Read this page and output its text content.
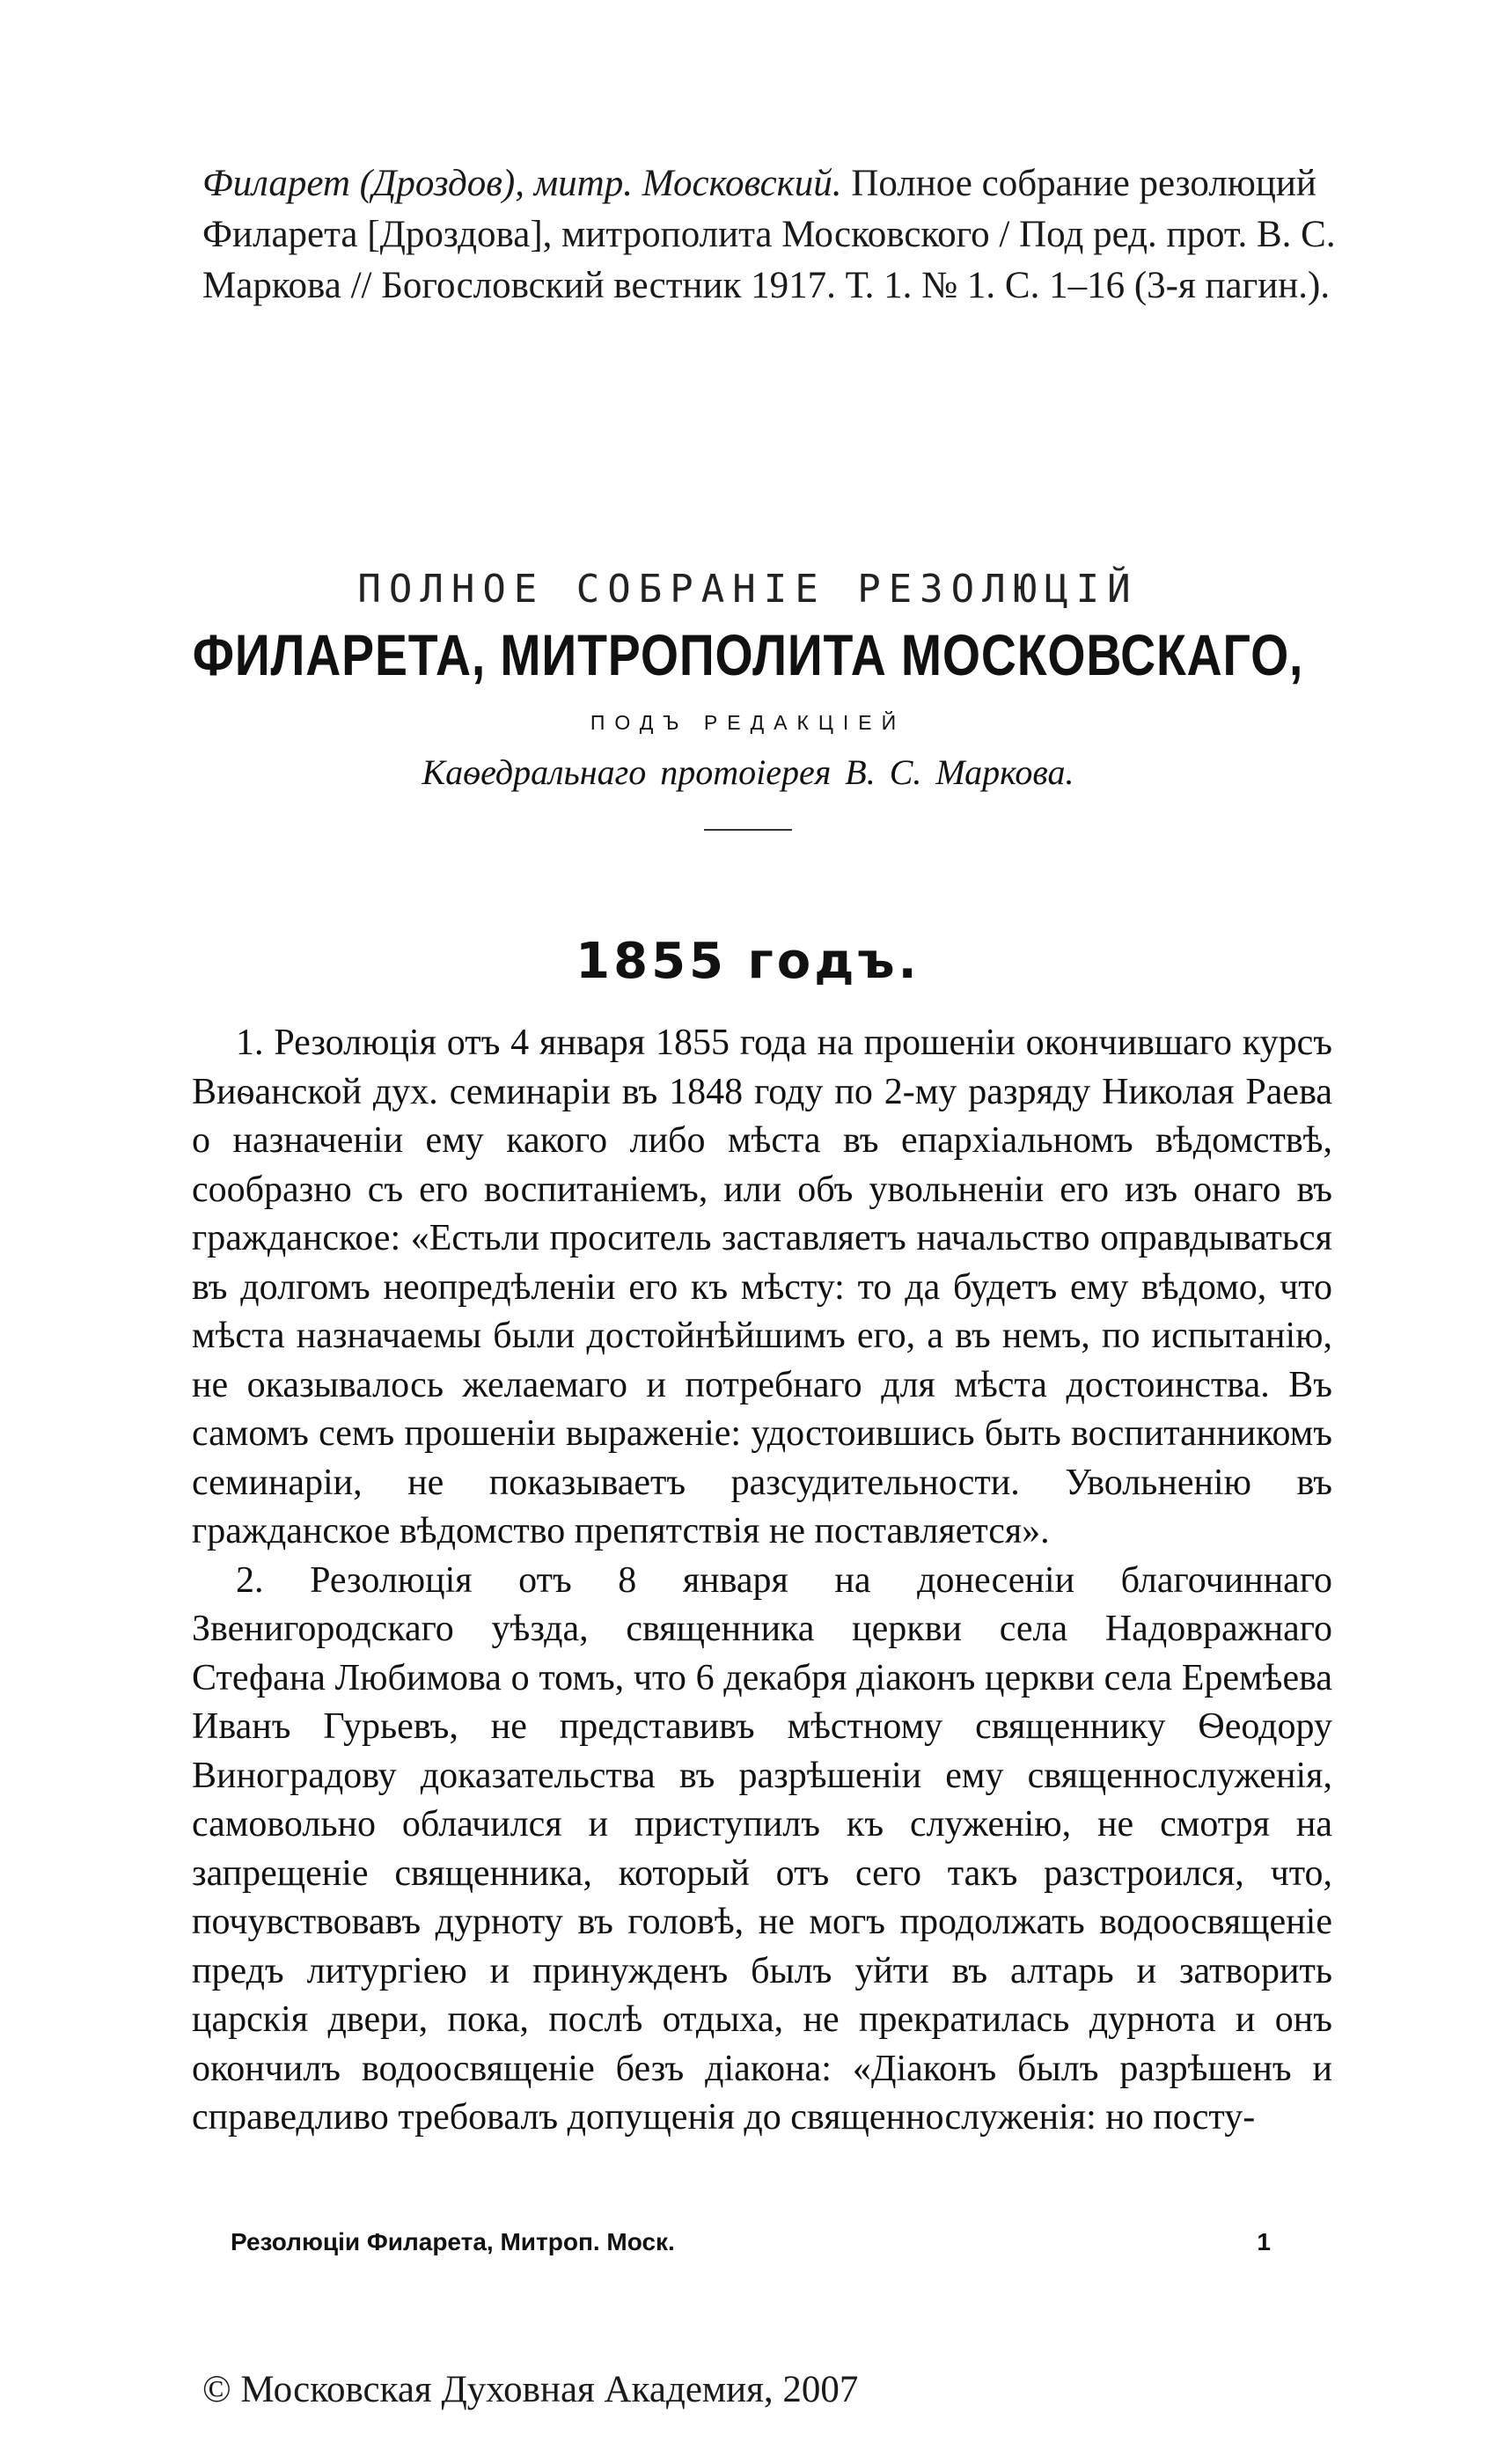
Филарет (Дроздов), митр. Московский. Полное собрание резолюций Филарета [Дроздова], митрополита Московского / Под ред. прот. В. С. Маркова // Богословский вестник 1917. Т. 1. № 1. С. 1–16 (3-я пагин.).
ПОЛНОЕ СОБРАНІЕ РЕЗОЛЮЦІЙ
ФИЛАРЕТА, МИТРОПОЛИТА МОСКОВСКАГО,
ПОДЪ РЕДАКЦІЕЙ
Каѳедральнаго протоіерея В. С. Маркова.
1855 годъ.

1. Резолюція отъ 4 января 1855 года на прошеніи окончившаго курсъ Виѳанской дух. семинаріи въ 1848 году по 2-му разряду Николая Раева о назначеніи ему какого либо мѣста въ епархіальномъ вѣдомствѣ, сообразно съ его воспитаніемъ, или объ увольненіи его изъ онаго въ гражданское: «Естьли проситель заставляетъ начальство оправдываться въ долгомъ неопредѣленіи его къ мѣсту: то да будетъ ему вѣдомо, что мѣста назначаемы были достойнѣйшимъ его, а въ немъ, по испытанію, не оказывалось желаемаго и потребнаго для мѣста достоинства. Въ самомъ семъ прошеніи выраженіе: удостоившись быть воспитанникомъ семинаріи, не показываетъ разсудительности. Увольненію въ гражданское вѣдомство препятствія не поставляется».

2. Резолюція отъ 8 января на донесеніи благочиннаго Звенигородскаго уѣзда, священника церкви села Надовражнаго Стефана Любимова о томъ, что 6 декабря діаконъ церкви села Еремѣева Иванъ Гурьевъ, не представивъ мѣстному священнику Ѳеодору Виноградову доказательства въ разрѣшеніи ему священнослуженія, самовольно облачился и приступилъ къ служенію, не смотря на запрещеніе священника, который отъ сего такъ разстроился, что, почувствовавъ дурноту въ головѣ, не могъ продолжать водоосвященіе предъ литургіею и принужденъ былъ уйти въ алтарь и затворить царскія двери, пока, послѣ отдыха, не прекратилась дурнота и онъ окончилъ водоосвященіе безъ діакона: «Діаконъ былъ разрѣшенъ и справедливо требовалъ допущенія до священнослуженія: но посту-

Резолюціи Филарета, Митроп. Моск.	1
© Московская Духовная Академия, 2007
